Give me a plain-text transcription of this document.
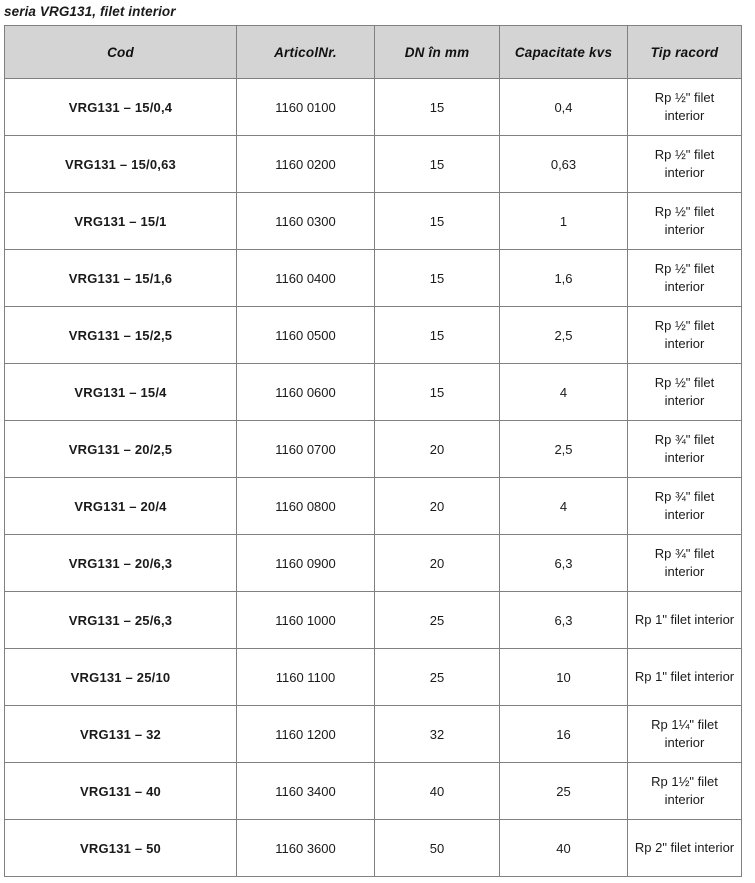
seria VRG131, filet interior
Cod	ArticolNr.	DN în mm	Capacitate kvs	Tip racord
VRG131 – 15/0,4	1160 0100	15	0,4	Rp ½" filet interior
VRG131 – 15/0,63	1160 0200	15	0,63	Rp ½" filet interior
VRG131 – 15/1	1160 0300	15	1	Rp ½" filet interior
VRG131 – 15/1,6	1160 0400	15	1,6	Rp ½" filet interior
VRG131 – 15/2,5	1160 0500	15	2,5	Rp ½" filet interior
VRG131 – 15/4	1160 0600	15	4	Rp ½" filet interior
VRG131 – 20/2,5	1160 0700	20	2,5	Rp ¾" filet interior
VRG131 – 20/4	1160 0800	20	4	Rp ¾" filet interior
VRG131 – 20/6,3	1160 0900	20	6,3	Rp ¾" filet interior
VRG131 – 25/6,3	1160 1000	25	6,3	Rp 1" filet interior
VRG131 – 25/10	1160 1100	25	10	Rp 1" filet interior
VRG131 – 32	1160 1200	32	16	Rp 1¼" filet interior
VRG131 – 40	1160 3400	40	25	Rp 1½" filet interior
VRG131 – 50	1160 3600	50	40	Rp 2" filet interior
